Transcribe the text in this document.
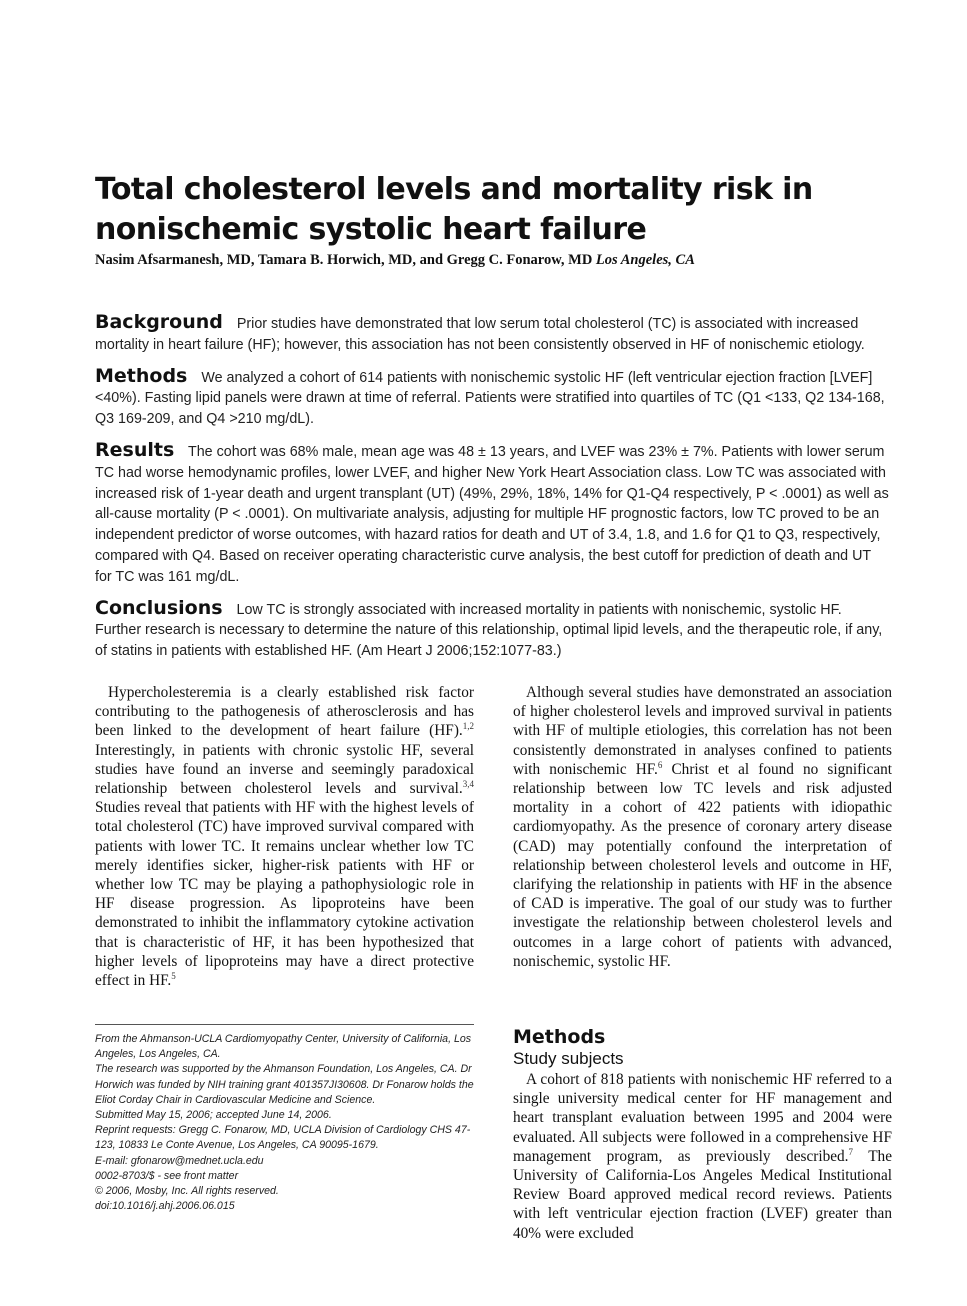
Total cholesterol levels and mortality risk in nonischemic systolic heart failure
Nasim Afsarmanesh, MD, Tamara B. Horwich, MD, and Gregg C. Fonarow, MD Los Angeles, CA

Background Prior studies have demonstrated that low serum total cholesterol (TC) is associated with increased mortality in heart failure (HF); however, this association has not been consistently observed in HF of nonischemic etiology.

Methods We analyzed a cohort of 614 patients with nonischemic systolic HF (left ventricular ejection fraction [LVEF] <40%). Fasting lipid panels were drawn at time of referral. Patients were stratified into quartiles of TC (Q1 <133, Q2 134-168, Q3 169-209, and Q4 >210 mg/dL).

Results The cohort was 68% male, mean age was 48 ± 13 years, and LVEF was 23% ± 7%. Patients with lower serum TC had worse hemodynamic profiles, lower LVEF, and higher New York Heart Association class. Low TC was associated with increased risk of 1-year death and urgent transplant (UT) (49%, 29%, 18%, 14% for Q1-Q4 respectively, P < .0001) as well as all-cause mortality (P < .0001). On multivariate analysis, adjusting for multiple HF prognostic factors, low TC proved to be an independent predictor of worse outcomes, with hazard ratios for death and UT of 3.4, 1.8, and 1.6 for Q1 to Q3, respectively, compared with Q4. Based on receiver operating characteristic curve analysis, the best cutoff for prediction of death and UT for TC was 161 mg/dL.

Conclusions Low TC is strongly associated with increased mortality in patients with nonischemic, systolic HF. Further research is necessary to determine the nature of this relationship, optimal lipid levels, and the therapeutic role, if any, of statins in patients with established HF. (Am Heart J 2006;152:1077-83.)

Hypercholesteremia is a clearly established risk factor contributing to the pathogenesis of atherosclerosis and has been linked to the development of heart failure (HF).$^{1,2}$ Interestingly, in patients with chronic systolic HF, several studies have found an inverse and seemingly paradoxical relationship between cholesterol levels and survival.$^{3,4}$ Studies reveal that patients with HF with the highest levels of total cholesterol (TC) have improved survival compared with patients with lower TC. It remains unclear whether low TC merely identifies sicker, higher-risk patients with HF or whether low TC may be playing a pathophysiologic role in HF disease progression. As lipoproteins have been demonstrated to inhibit the inflammatory cytokine activation that is characteristic of HF, it has been hypothesized that higher levels of lipoproteins may have a direct protective effect in HF.$^5$

Although several studies have demonstrated an association of higher cholesterol levels and improved survival in patients with HF of multiple etiologies, this correlation has not been consistently demonstrated in analyses confined to patients with nonischemic HF.$^6$ Christ et al found no significant relationship between low TC levels and risk adjusted mortality in a cohort of 422 patients with idiopathic cardiomyopathy. As the presence of coronary artery disease (CAD) may potentially confound the interpretation of relationship between cholesterol levels and outcome in HF, clarifying the relationship in patients with HF in the absence of CAD is imperative. The goal of our study was to further investigate the relationship between cholesterol levels and outcomes in a large cohort of patients with advanced, nonischemic, systolic HF.

From the Ahmanson-UCLA Cardiomyopathy Center, University of California, Los Angeles, Los Angeles, CA.
The research was supported by the Ahmanson Foundation, Los Angeles, CA. Dr Horwich was funded by NIH training grant 401357JI30608. Dr Fonarow holds the Eliot Corday Chair in Cardiovascular Medicine and Science.
Submitted May 15, 2006; accepted June 14, 2006.
Reprint requests: Gregg C. Fonarow, MD, UCLA Division of Cardiology CHS 47-123, 10833 Le Conte Avenue, Los Angeles, CA 90095-1679.
E-mail: gfonarow@mednet.ucla.edu
0002-8703/$ - see front matter
© 2006, Mosby, Inc. All rights reserved.
doi:10.1016/j.ahj.2006.06.015
Methods
Study subjects

A cohort of 818 patients with nonischemic HF referred to a single university medical center for HF management and heart transplant evaluation between 1995 and 2004 were evaluated. All subjects were followed in a comprehensive HF management program, as previously described.$^7$ The University of California-Los Angeles Medical Institutional Review Board approved medical record reviews. Patients with left ventricular ejection fraction (LVEF) greater than 40% were excluded
